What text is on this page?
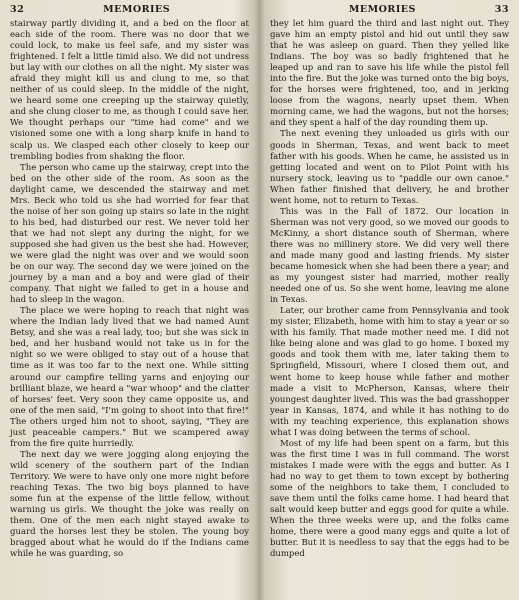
32	MEMORIES

stairway partly dividing it, and a bed on the floor at each side of the room. There was no door that we could lock, to make us feel safe, and my sister was frightened. I felt a little timid also. We did not undress but lay with our clothes on all the night. My sister was afraid they might kill us and clung to me, so that neither of us could sleep. In the middle of the night, we heard some one creeping up the stairway quietly, and she clung closer to me, as though I could save her. We thought perhaps our "time had come" and we visioned some one with a long sharp knife in hand to scalp us. We clasped each other closely to keep our trembling bodies from shaking the floor.

The person who came up the stairway, crept into the bed on the other side of the room. As soon as the daylight came, we descended the stairway and met Mrs. Beck who told us she had worried for fear that the noise of her son going up stairs so late in the night to his bed, had disturbed our rest. We never told her that we had not slept any during the night, for we supposed she had given us the best she had. However, we were glad the night was over and we would soon be on our way. The second day we were joined on the journey by a man and a boy and were glad of their company. That night we failed to get in a house and had to sleep in the wagon.

The place we were hoping to reach that night was where the Indian lady lived that we had named Aunt Betsy, and she was a real lady, too; but she was sick in bed, and her husband would not take us in for the night so we were obliged to stay out of a house that time as it was too far to the next one. While sitting around our campfire telling yarns and enjoying our brilliant blaze, we heard a "war whoop" and the clatter of horses' feet. Very soon they came opposite us, and one of the men said, "I'm going to shoot into that fire!" The others urged him not to shoot, saying, "They are just peaceable campers." But we scampered away from the fire quite hurriedly.

The next day we were jogging along enjoying the wild scenery of the southern part of the Indian Territory. We were to have only one more night before reaching Texas. The two big boys planned to have some fun at the expense of the little fellow, without warning us girls. We thought the joke was really on them. One of the men each night stayed awake to guard the horses lest they be stolen. The young boy bragged about what he would do if the Indians came while he was guarding, so

MEMORIES	33

they let him guard the third and last night out. They gave him an empty pistol and hid out until they saw that he was asleep on guard. Then they yelled like Indians. The boy was so badly frightened that he leaped up and ran to save his life while the pistol fell into the fire. But the joke was turned onto the big boys, for the horses were frightened, too, and in jerking loose from the wagons, nearly upset them. When morning came, we had the wagons, but not the horses; and they spent a half of the day rounding them up.

The next evening they unloaded us girls with our goods in Sherman, Texas, and went back to meet father with his goods. When he came, he assisted us in getting located and went on to Pilot Point with his nursery stock, leaving us to "paddle our own canoe." When father finished that delivery, he and brother went home, not to return to Texas.

This was in the Fall of 1872. Our location in Sherman was not very good, so we moved our goods to McKinny, a short distance south of Sherman, where there was no millinery store. We did very well there and made many good and lasting friends. My sister became homesick when she had been there a year; and as my youngest sister had married, mother really needed one of us. So she went home, leaving me alone in Texas.

Later, our brother came from Pennsylvania and took my sister, Elizabeth, home with him to stay a year or so with his family. That made mother need me. I did not like being alone and was glad to go home. I boxed my goods and took them with me, later taking them to Springfield, Missouri, where I closed them out, and went home to keep house while father and mother made a visit to McPherson, Kansas, where their youngest daughter lived. This was the bad grasshopper year in Kansas, 1874, and while it has nothing to do with my teaching experience, this explanation shows what I was doing between the terms of school.

Most of my life had been spent on a farm, but this was the first time I was in full command. The worst mistakes I made were with the eggs and butter. As I had no way to get them to town except by bothering some of the neighbors to take them, I concluded to save them until the folks came home. I had heard that salt would keep butter and eggs good for quite a while. When the three weeks were up, and the folks came home, there were a good many eggs and quite a lot of butter. But it is needless to say that the eggs had to be dumped
